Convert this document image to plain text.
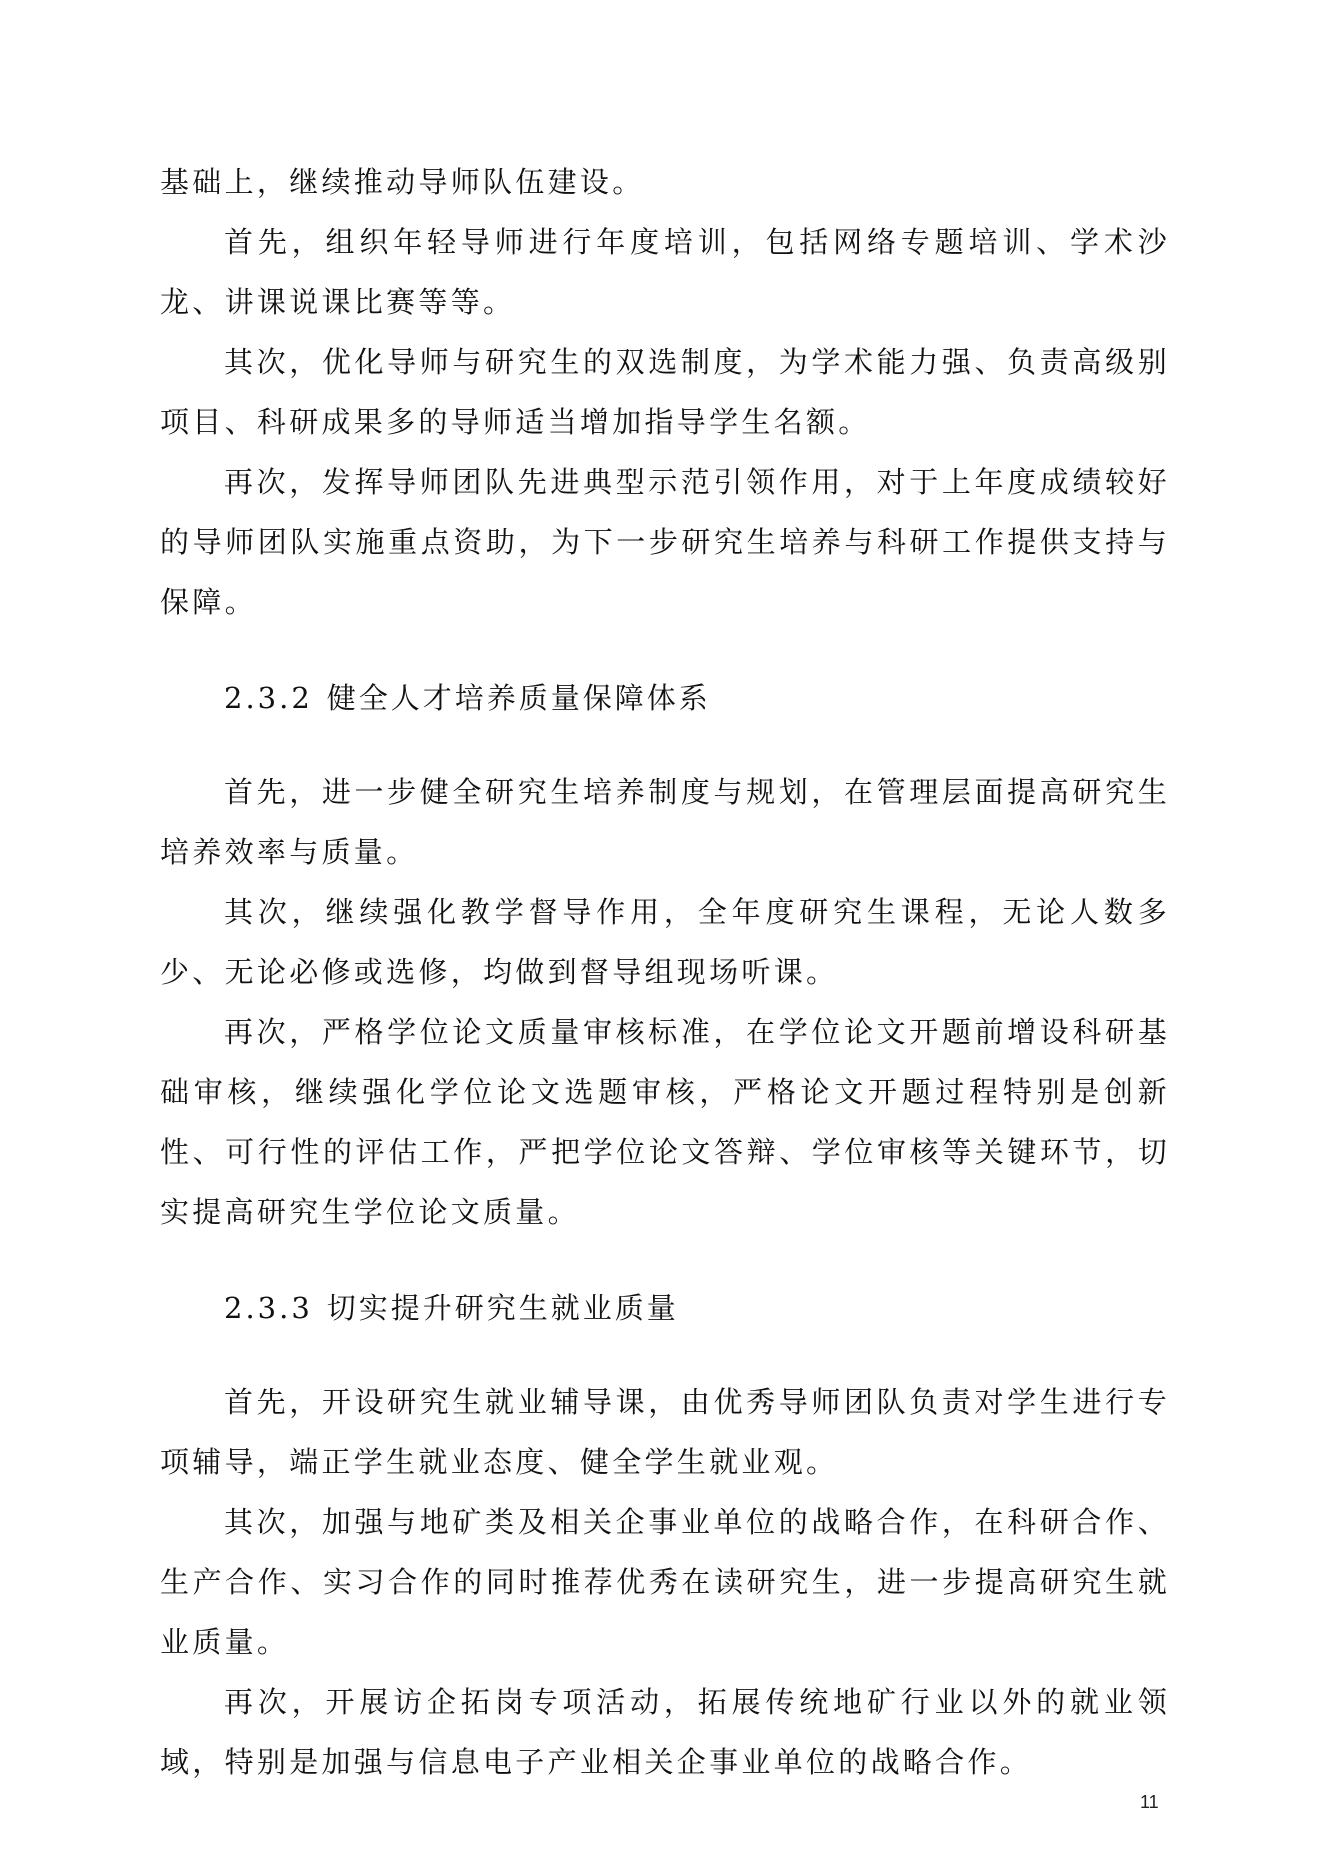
基础上，继续推动导师队伍建设。

首先，组织年轻导师进行年度培训，包括网络专题培训、学术沙龙、讲课说课比赛等等。

其次，优化导师与研究生的双选制度，为学术能力强、负责高级别项目、科研成果多的导师适当增加指导学生名额。

再次，发挥导师团队先进典型示范引领作用，对于上年度成绩较好的导师团队实施重点资助，为下一步研究生培养与科研工作提供支持与保障。

2.3.2 健全人才培养质量保障体系

首先，进一步健全研究生培养制度与规划，在管理层面提高研究生培养效率与质量。

其次，继续强化教学督导作用，全年度研究生课程，无论人数多少、无论必修或选修，均做到督导组现场听课。

再次，严格学位论文质量审核标准，在学位论文开题前增设科研基础审核，继续强化学位论文选题审核，严格论文开题过程特别是创新性、可行性的评估工作，严把学位论文答辩、学位审核等关键环节，切实提高研究生学位论文质量。

2.3.3 切实提升研究生就业质量

首先，开设研究生就业辅导课，由优秀导师团队负责对学生进行专项辅导，端正学生就业态度、健全学生就业观。

其次，加强与地矿类及相关企事业单位的战略合作，在科研合作、生产合作、实习合作的同时推荐优秀在读研究生，进一步提高研究生就业质量。

再次，开展访企拓岗专项活动，拓展传统地矿行业以外的就业领域，特别是加强与信息电子产业相关企事业单位的战略合作。

11
